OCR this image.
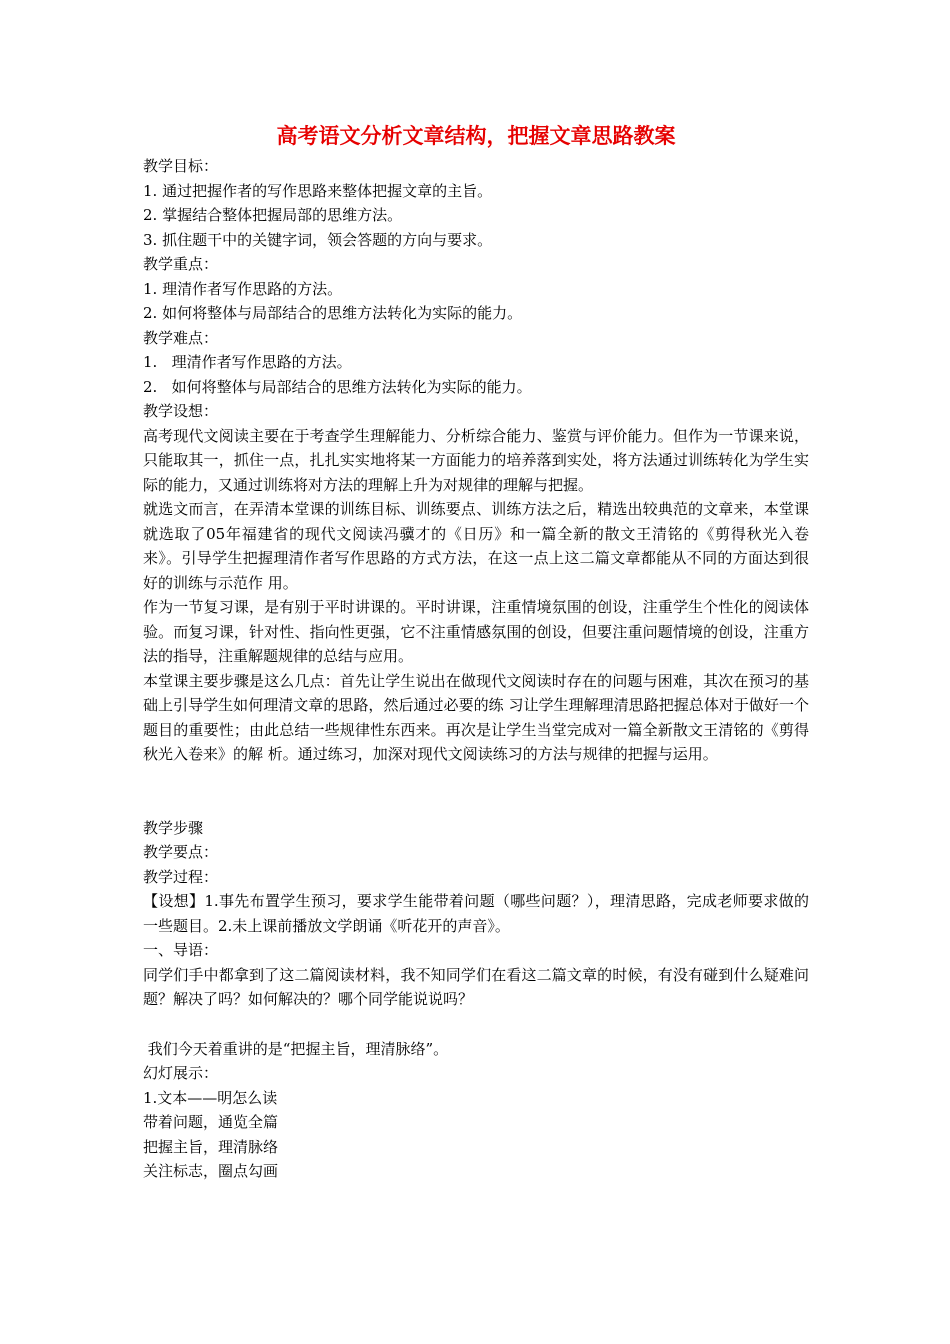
高考语文分析文章结构，把握文章思路教案
教学目标：
1. 通过把握作者的写作思路来整体把握文章的主旨。
2. 掌握结合整体把握局部的思维方法。
3. 抓住题干中的关键字词，领会答题的方向与要求。
教学重点：
1. 理清作者写作思路的方法。
2. 如何将整体与局部结合的思维方法转化为实际的能力。
教学难点：
1.   理清作者写作思路的方法。
2.   如何将整体与局部结合的思维方法转化为实际的能力。
教学设想：
高考现代文阅读主要在于考查学生理解能力、分析综合能力、鉴赏与评价能力。但作为一节课来说，只能取其一，抓住一点，扎扎实实地将某一方面能力的培养落到实处，将方法通过训练转化为学生实际的能力，又通过训练将对方法的理解上升为对规律的理解与把握。
就选文而言，在弄清本堂课的训练目标、训练要点、训练方法之后，精选出较典范的文章来，本堂课就选取了05年福建省的现代文阅读冯骥才的《日历》和一篇全新的散文王清铭的《剪得秋光入卷来》。引导学生把握理清作者写作思路的方式方法，在这一点上这二篇文章都能从不同的方面达到很好的训练与示范作 用。
作为一节复习课，是有别于平时讲课的。平时讲课，注重情境氛围的创设，注重学生个性化的阅读体验。而复习课，针对性、指向性更强，它不注重情感氛围的创设，但要注重问题情境的创设，注重方法的指导，注重解题规律的总结与应用。
本堂课主要步骤是这么几点：首先让学生说出在做现代文阅读时存在的问题与困难，其次在预习的基础上引导学生如何理清文章的思路，然后通过必要的练 习让学生理解理清思路把握总体对于做好一个题目的重要性；由此总结一些规律性东西来。再次是让学生当堂完成对一篇全新散文王清铭的《剪得秋光入卷来》的解 析。通过练习，加深对现代文阅读练习的方法与规律的把握与运用。
教学步骤
教学要点：
教学过程：
【设想】1.事先布置学生预习，要求学生能带着问题（哪些问题？），理清思路，完成老师要求做的一些题目。2.未上课前播放文学朗诵《听花开的声音》。
一、导语：
同学们手中都拿到了这二篇阅读材料，我不知同学们在看这二篇文章的时候，有没有碰到什么疑难问题？解决了吗？如何解决的？哪个同学能说说吗？
我们今天着重讲的是“把握主旨，理清脉络”。
幻灯展示：
1.文本——明怎么读
带着问题，通览全篇
把握主旨，理清脉络
关注标志，圈点勾画
